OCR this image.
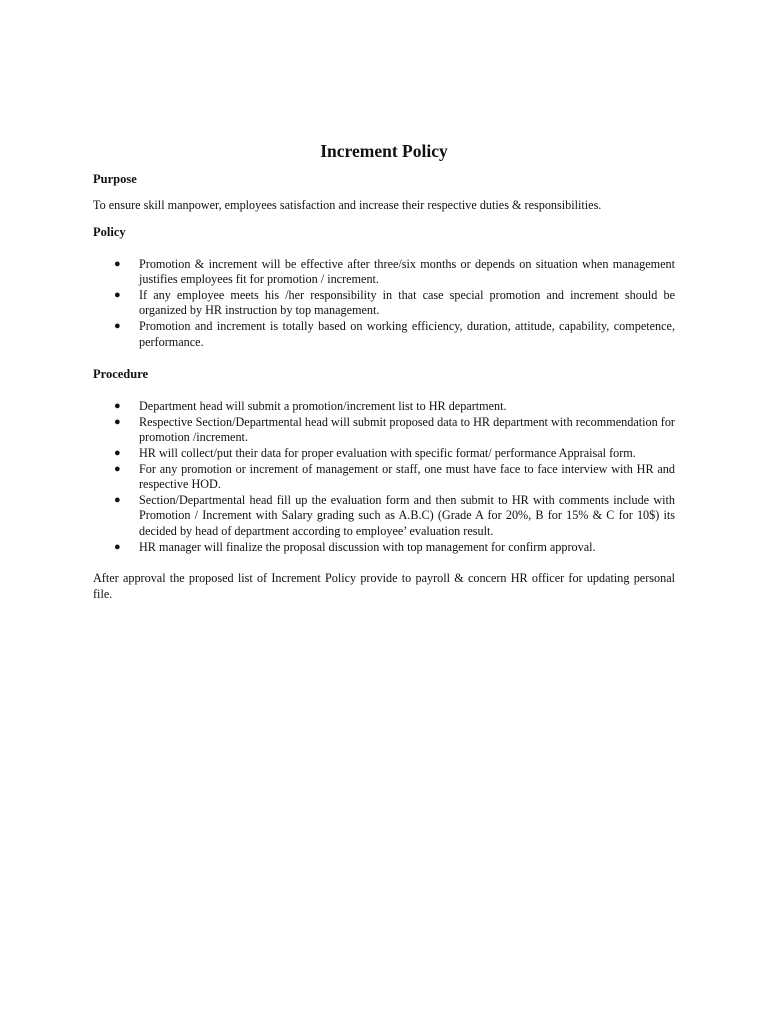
Increment Policy
Purpose

To ensure skill manpower, employees satisfaction and increase their respective duties & responsibilities.

Policy
● Promotion & increment will be effective after three/six months or depends on situation when management justifies employees fit for promotion / increment.
● If any employee meets his /her responsibility in that case special promotion and increment should be organized by HR instruction by top management.
● Promotion and increment is totally based on working efficiency, duration, attitude, capability, competence, performance.
Procedure
● Department head will submit a promotion/increment list to HR department.
● Respective Section/Departmental head will submit proposed data to HR department with recommendation for promotion /increment.
● HR will collect/put their data for proper evaluation with specific format/ performance Appraisal form.
● For any promotion or increment of management or staff, one must have face to face interview with HR and respective HOD.
● Section/Departmental head fill up the evaluation form and then submit to HR with comments include with Promotion / Increment with Salary grading such as A.B.C) (Grade A for 20%, B for 15% & C for 10$) its decided by head of department according to employee’ evaluation result.
● HR manager will finalize the proposal discussion with top management for confirm approval.

After approval the proposed list of Increment Policy provide to payroll & concern HR officer for updating personal file.
